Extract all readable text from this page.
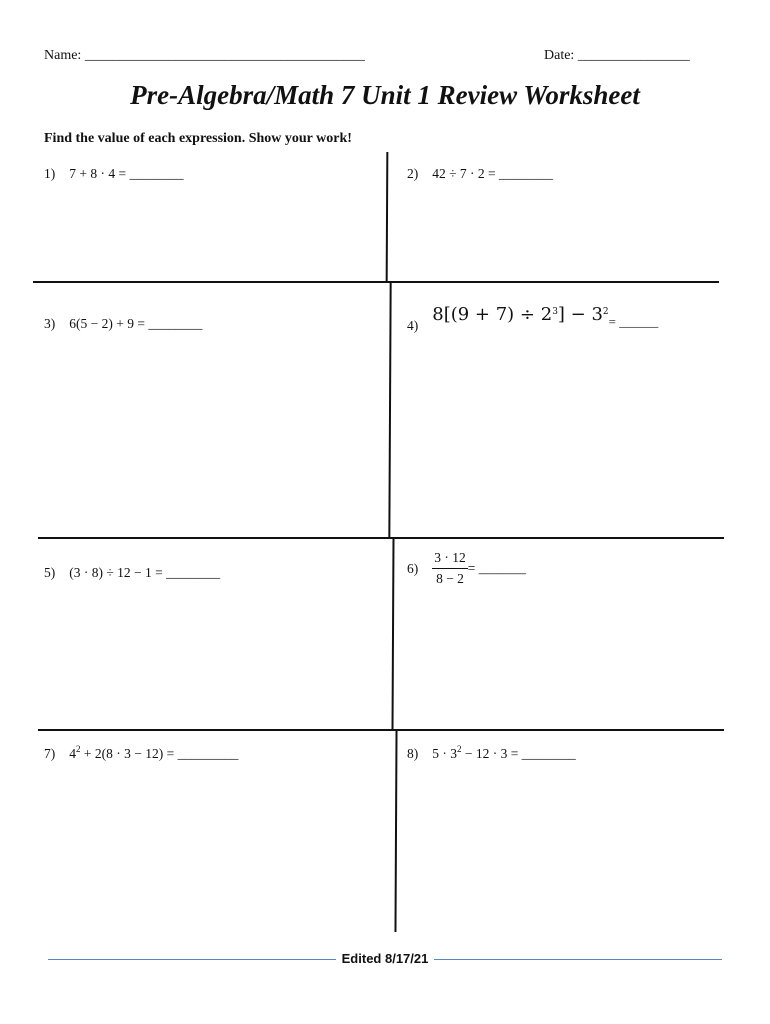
Name: ________________________________________	Date: ________________
Pre-Algebra/Math 7 Unit 1 Review Worksheet
Find the value of each expression. Show your work!
1) 7 + 8 · 4 = ________	2) 42 ÷ 7 · 2 = ________
3) 6(5 − 2) + 9 = ________	$4)8[(9 + 7) \div 2^3] - 3^2=$ ______
5) (3 · 8) ÷ 12 − 1 = ________	$6) \frac{3 \cdot 12}{8 - 2}$ = _______
7) $4^2 + 2(8 \cdot 3 - 12)$ = _________	8) $5 \cdot 3^2 - 12 \cdot 3$ = ________
Edited 8/17/21
